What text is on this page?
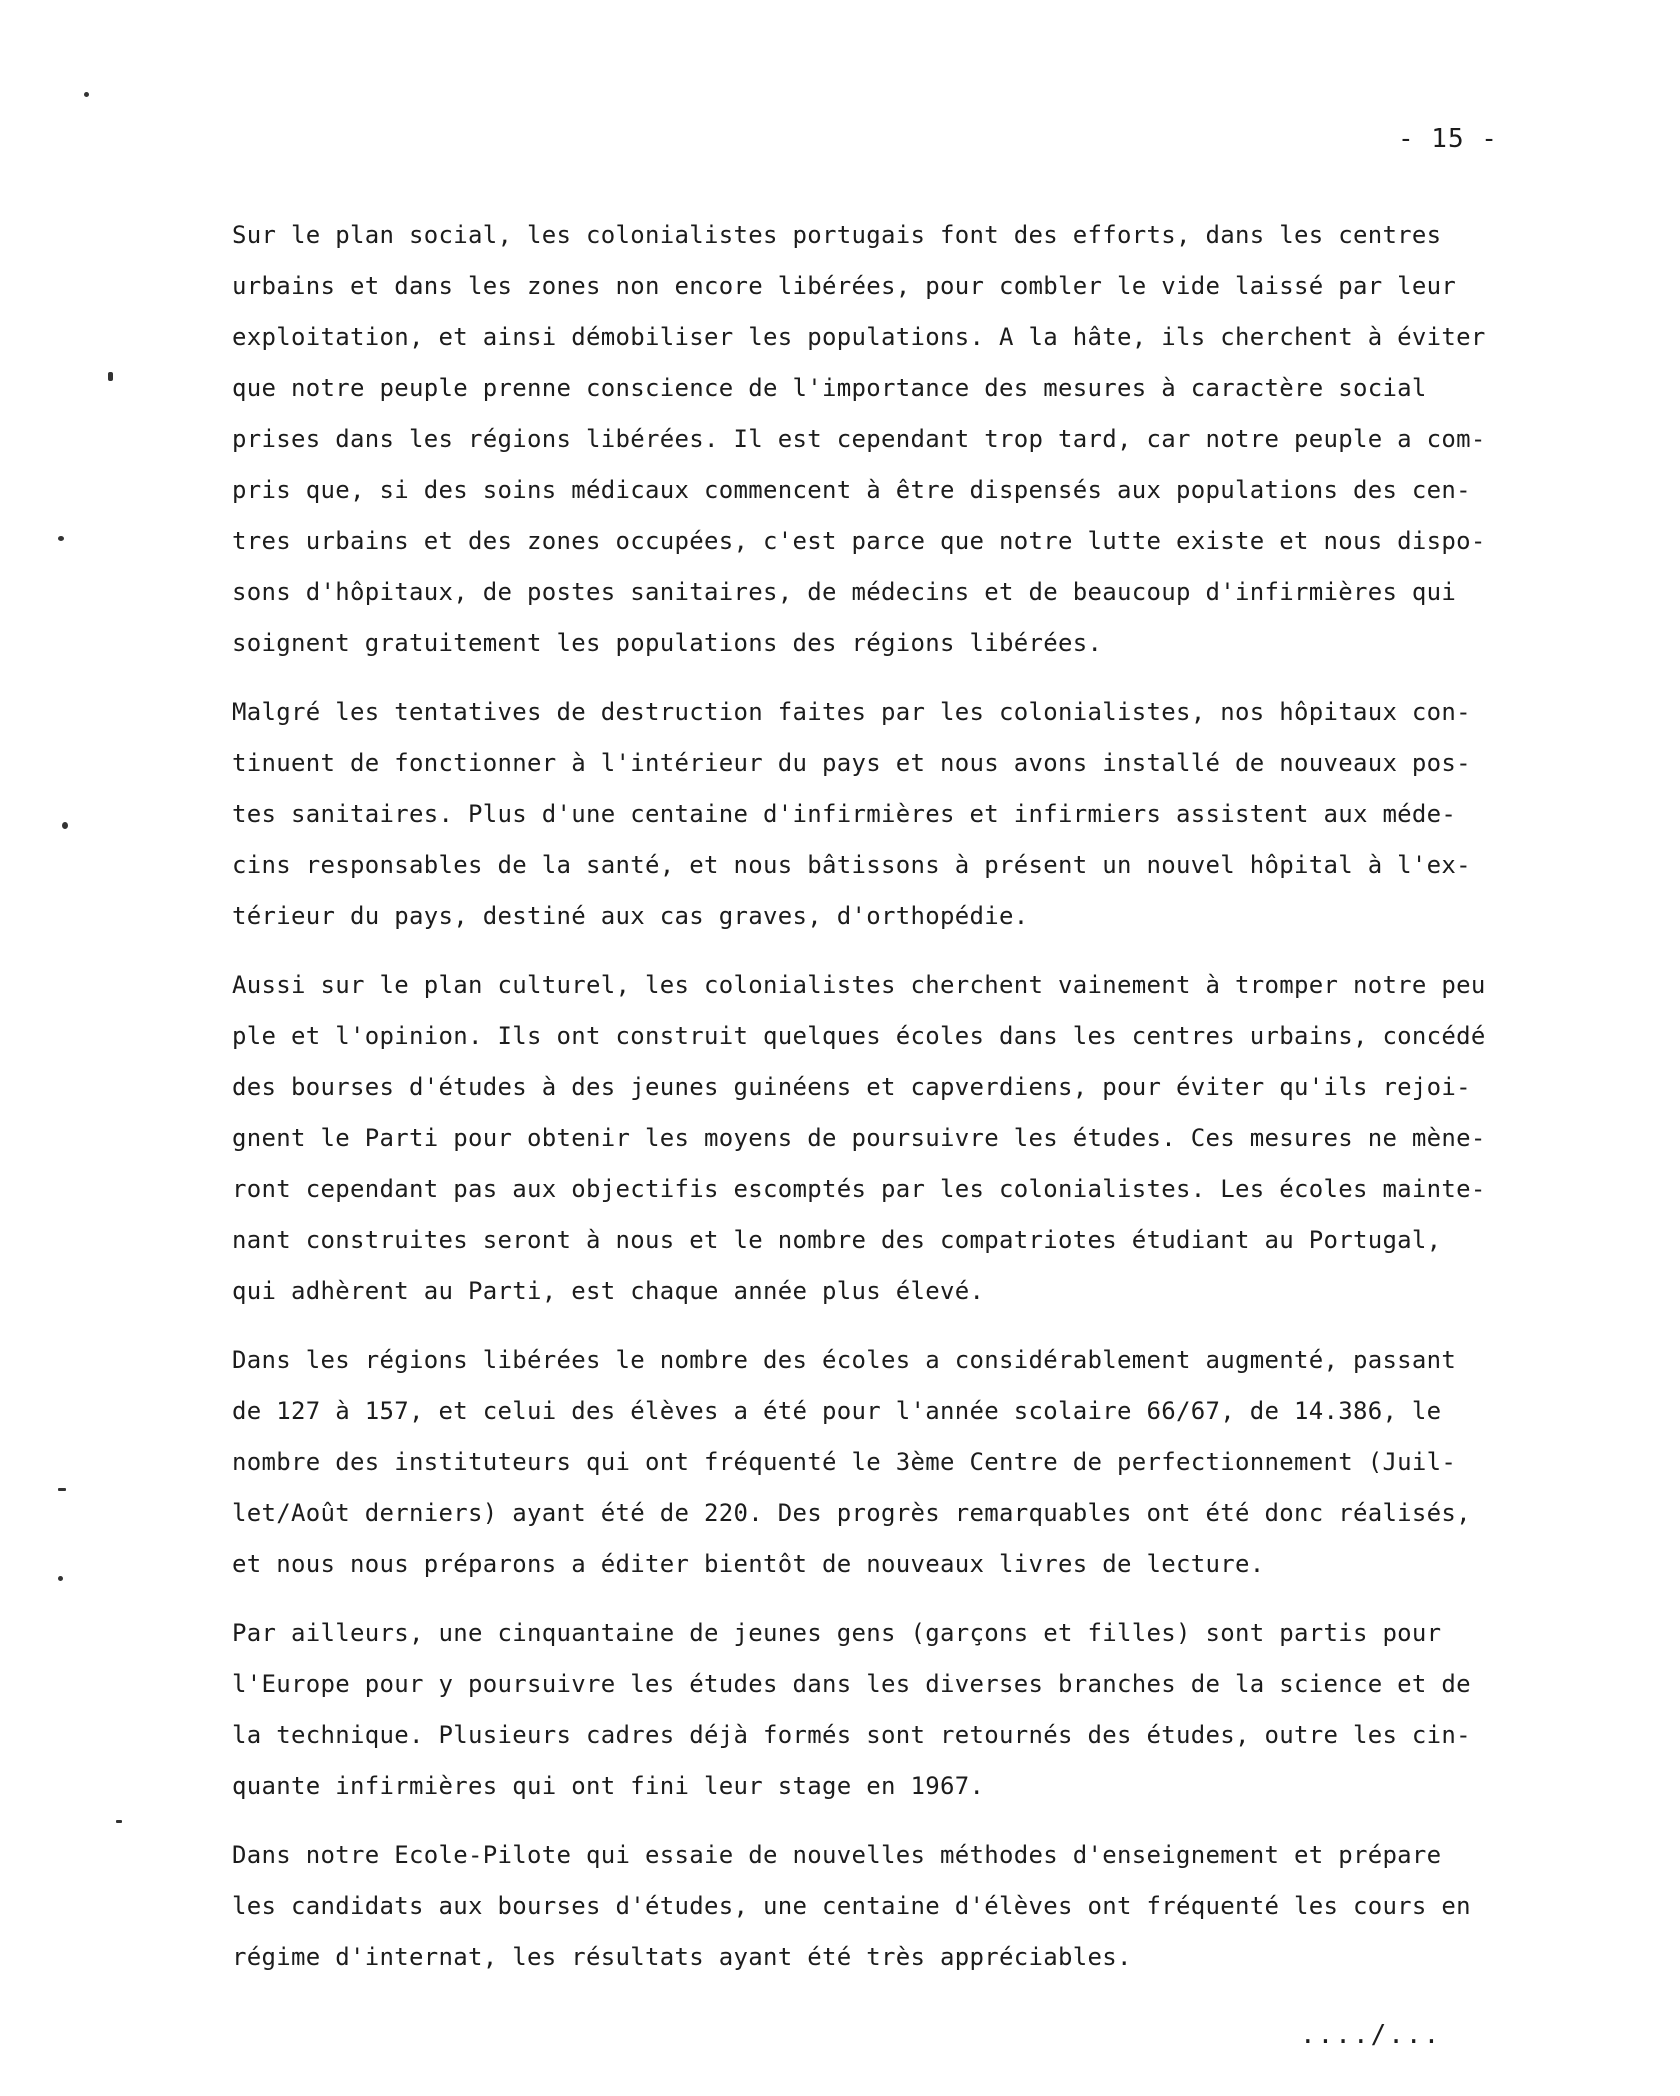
- 15 -
Sur le plan social, les colonialistes portugais font des efforts, dans les centres
urbains et dans les zones non encore libérées, pour combler le vide laissé par leur
exploitation, et ainsi démobiliser les populations. A la hâte, ils cherchent à éviter
que notre peuple prenne conscience de l'importance des mesures à caractère social
prises dans les régions libérées. Il est cependant trop tard, car notre peuple a com-
pris que, si des soins médicaux commencent à être dispensés aux populations des cen-
tres urbains et des zones occupées, c'est parce que notre lutte existe et nous dispo-
sons d'hôpitaux, de postes sanitaires, de médecins et de beaucoup d'infirmières qui
soignent gratuitement les populations des régions libérées.
Malgré les tentatives de destruction faites par les colonialistes, nos hôpitaux con-
tinuent de fonctionner à l'intérieur du pays et nous avons installé de nouveaux pos-
tes sanitaires. Plus d'une centaine d'infirmières et infirmiers assistent aux méde-
cins responsables de la santé, et nous bâtissons à présent un nouvel hôpital à l'ex-
térieur du pays, destiné aux cas graves, d'orthopédie.
Aussi sur le plan culturel, les colonialistes cherchent vainement à tromper notre peu
ple et l'opinion. Ils ont construit quelques écoles dans les centres urbains, concédé
des bourses d'études à des jeunes guinéens et capverdiens, pour éviter qu'ils rejoi-
gnent le Parti pour obtenir les moyens de poursuivre les études. Ces mesures ne mène-
ront cependant pas aux objectifis escomptés par les colonialistes. Les écoles mainte-
nant construites seront à nous et le nombre des compatriotes étudiant au Portugal,
qui adhèrent au Parti, est chaque année plus élevé.
Dans les régions libérées le nombre des écoles a considérablement augmenté, passant
de 127 à 157, et celui des élèves a été pour l'année scolaire 66/67, de 14.386, le
nombre des instituteurs qui ont fréquenté le 3ème Centre de perfectionnement (Juil-
let/Août derniers) ayant été de 220. Des progrès remarquables ont été donc réalisés,
et nous nous préparons a éditer bientôt de nouveaux livres de lecture.
Par ailleurs, une cinquantaine de jeunes gens (garçons et filles) sont partis pour
l'Europe pour y poursuivre les études dans les diverses branches de la science et de
la technique. Plusieurs cadres déjà formés sont retournés des études, outre les cin-
quante infirmières qui ont fini leur stage en 1967.
Dans notre Ecole-Pilote qui essaie de nouvelles méthodes d'enseignement et prépare
les candidats aux bourses d'études, une centaine d'élèves ont fréquenté les cours en
régime d'internat, les résultats ayant été très appréciables.
..../...
